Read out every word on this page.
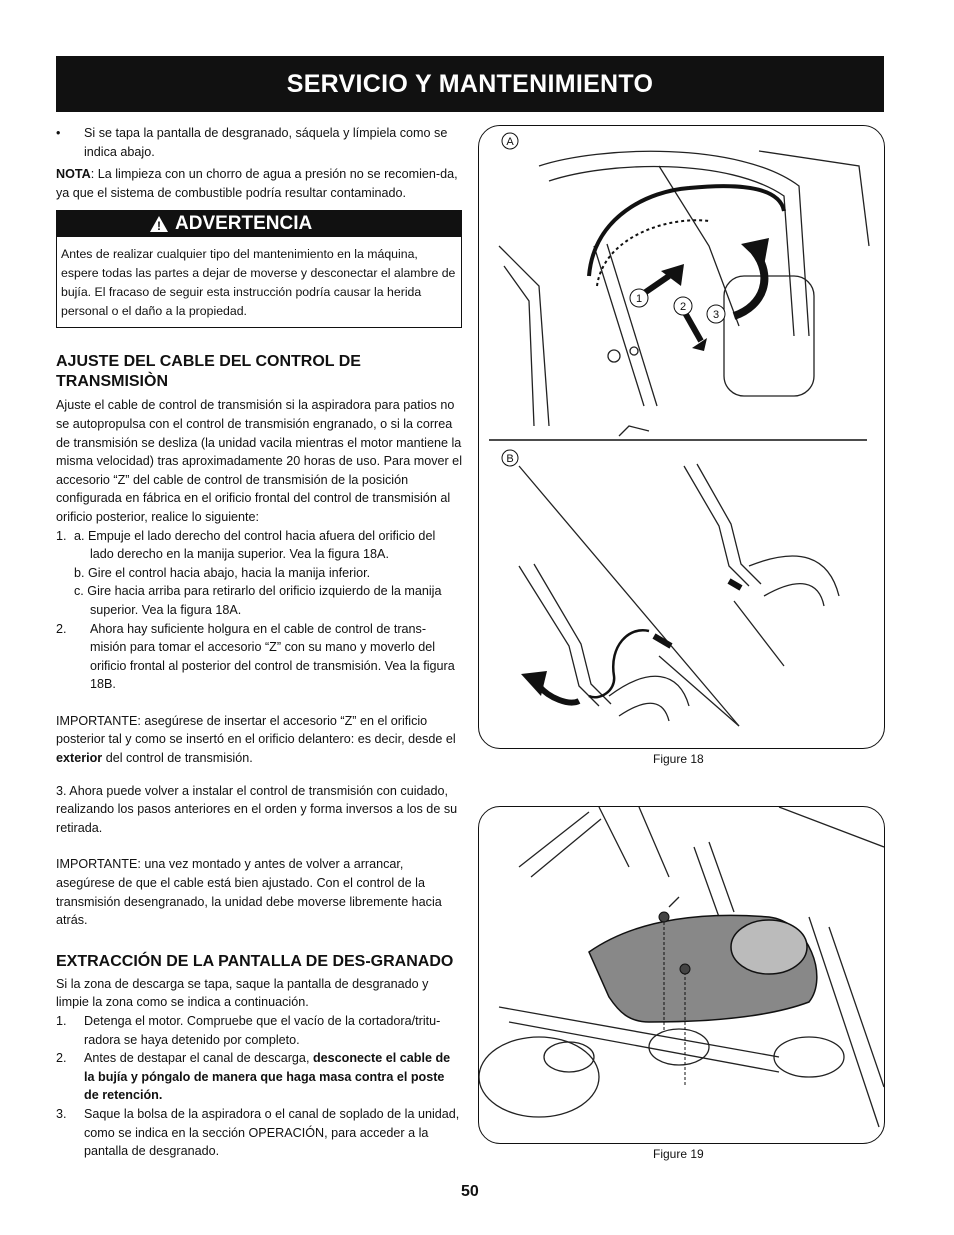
SERVICIO Y MANTENIMIENTO
•	Si se tapa la pantalla de desgranado, sáquela y límpiela como se indica abajo.

NOTA: La limpieza con un chorro de agua a presión no se recomien-da, ya que el sistema de combustible podría resultar contaminado.

! ADVERTENCIA
Antes de realizar cualquier tipo del mantenimiento en la máquina, espere todas las partes a dejar de moverse y desconectar el alambre de bujía. El fracaso de seguir esta instrucción podría causar la herida personal o el daño a la propiedad.
AJUSTE DEL CABLE DEL CONTROL DE TRANSMISIÒN

Ajuste el cable de control de transmisión si la aspiradora para patios no se autopropulsa con el control de transmisión engranado, o si la correa de transmisión se desliza (la unidad vacila mientras el motor mantiene la misma velocidad) tras aproximadamente 20 horas de uso. Para mover el accesorio “Z” del cable de control de transmisión de la posición configurada en fábrica en el orificio frontal del control de transmisión al orificio posterior, realice lo siguiente:

1. a. Empuje el lado derecho del control hacia afuera del orificio del lado derecho en la manija superior. Vea la figura 18A.

b. Gire el control hacia abajo, hacia la manija inferior.

c. Gire hacia arriba para retirarlo del orificio izquierdo de la manija superior. Vea la figura 18A.

2.	Ahora hay suficiente holgura en el cable de control de trans-misión para tomar el accesorio “Z” con su mano y moverlo del orificio frontal al posterior del control de transmisión. Vea la figura 18B.

IMPORTANTE: asegúrese de insertar el accesorio “Z” en el orificio posterior tal y como se insertó en el orificio delantero: es decir, desde el exterior del control de transmisión.

3. Ahora puede volver a instalar el control de transmisión con cuidado, realizando los pasos anteriores en el orden y forma inversos a los de su retirada.

IMPORTANTE: una vez montado y antes de volver a arrancar, asegúrese de que el cable está bien ajustado. Con el control de la transmisión desengranado, la unidad debe moverse libremente hacia atrás.

EXTRACCIÓN DE LA PANTALLA DE DES-GRANADO

Si la zona de descarga se tapa, saque la pantalla de desgranado y limpie la zona como se indica a continuación.

1.	Detenga el motor. Compruebe que el vacío de la cortadora/tritu-radora se haya detenido por completo.
2.	Antes de destapar el canal de descarga, desconecte el cable de la bujía y póngalo de manera que haga masa contra el poste de retención.
3.	Saque la bolsa de la aspiradora o el canal de soplado de la unidad, como se indica en la sección OPERACIÓN, para acceder a la pantalla de desgranado.
A
1
2
3
B
Figure 18
Figure 19
50
